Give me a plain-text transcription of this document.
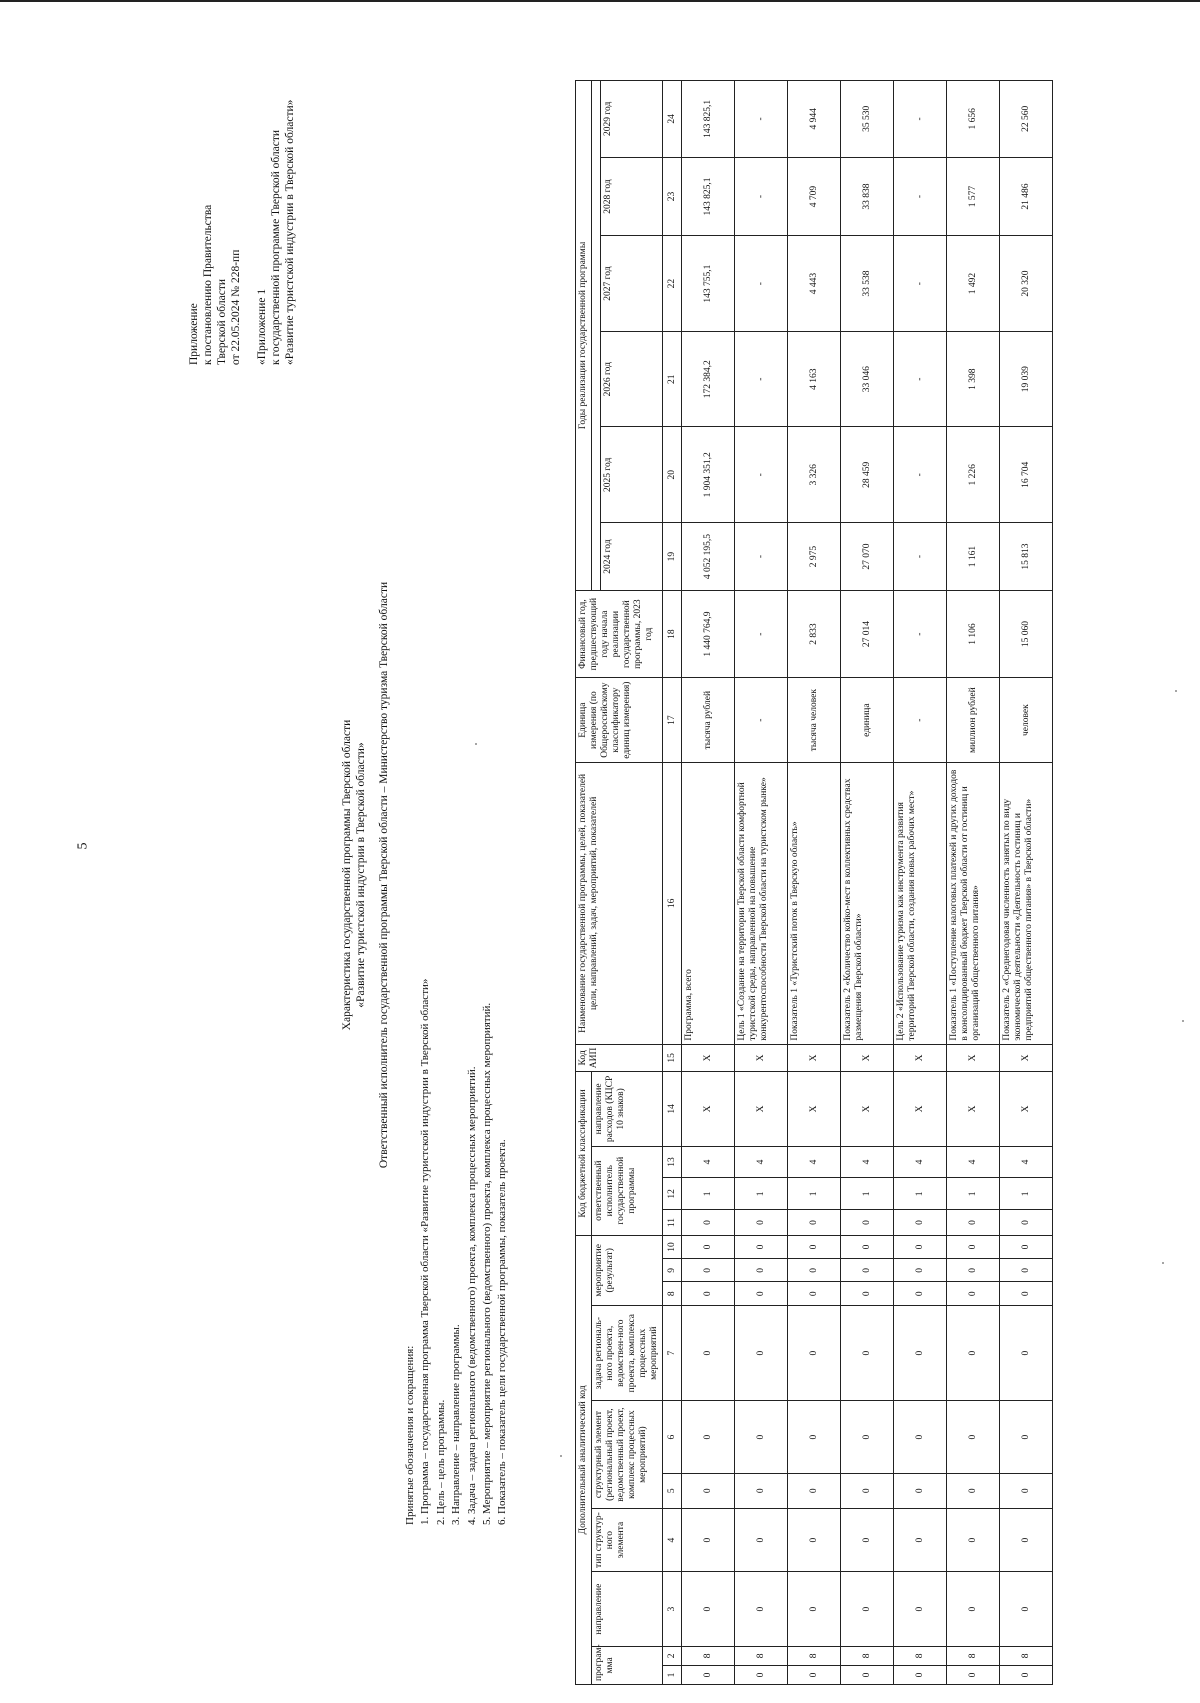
5
Приложение к постановлению Правительства Тверской области от 22.05.2024 № 228-пп «Приложение 1 к государственной программе Тверской области «Развитие туристской индустрии в Тверской области»
Характеристика государственной программы Тверской области «Развитие туристской индустрии в Тверской области» Ответственный исполнитель государственной программы Тверской области – Министерство туризма Тверской области
Принятые обозначения и сокращения: 1. Программа – государственная программа Тверской области «Развитие туристской индустрии в Тверской области» 2. Цель – цель программы. 3. Направление – направление программы. 4. Задача – задача регионального (ведомственного) проекта, комплекса процессных мероприятий. 5. Мероприятие – мероприятие регионального (ведомственного) проекта, комплекса процессных мероприятий. 6. Показатель – показатель цели государственной программы, показатель проекта.	Дополнительный аналитический код										Код бюджетной классификации				Код АИП	Наименование государственной программы, целей, показателей цели, направлений, задач, мероприятий, показателей	Единица измерения (по Общероссийскому классификатору единиц измерения)	Финансовый год, предшествующий году начала реализации государственной программы, 2023 год	Годы реализации государственной программы					
програм-мма		направление	тип структур-ного элемента	структурный элемент (региональный проект, ведомственный проект, комплекс процессных мероприятий)		задача региональ-ного проекта, ведомствен-ного проекта, комплекса процессных мероприятий	мероприятие (результат)			ответственный исполнитель государственной программы			направление расходов (КЦСР 10 знаков)										
																		2024 год	2025 год	2026 год	2027 год	2028 год	2029 год
1	2	3	4	5	6	7	8	9	10	11	12	13	14	15	16	17	18	19	20	21	22	23	24
0	8	0	0	0	0	0	0	0	0	0	1	4	Х	Х	Программа, всего	тысяча рублей	1 440 764,9	4 052 195,5	1 904 351,2	172 384,2	143 755,1	143 825,1	143 825,1
0	8	0	0	0	0	0	0	0	0	0	1	4	Х	Х	Цель 1 «Создание на территории Тверской области комфортной туристской среды, направленной на повышение конкурентоспособности Тверской области на туристском рынке»	-	-	-	-	-	-	-	-
0	8	0	0	0	0	0	0	0	0	0	1	4	Х	Х	Показатель 1 «Туристский поток в Тверскую область»	тысяча человек	2 833	2 975	3 326	4 163	4 443	4 709	4 944
0	8	0	0	0	0	0	0	0	0	0	1	4	Х	Х	Показатель 2 «Количество койко-мест в коллективных средствах размещения Тверской области»	единица	27 014	27 070	28 459	33 046	33 538	33 838	35 530
0	8	0	0	0	0	0	0	0	0	0	1	4	Х	Х	Цель 2 «Использование туризма как инструмента развития территорий Тверской области, создания новых рабочих мест»	-	-	-	-	-	-	-	-
0	8	0	0	0	0	0	0	0	0	0	1	4	Х	Х	Показатель 1 «Поступление налоговых платежей и других доходов в консолидированный бюджет Тверской области от гостиниц и организаций общественного питания»	миллион рублей	1 106	1 161	1 226	1 398	1 492	1 577	1 656
0	8	0	0	0	0	0	0	0	0	0	1	4	Х	Х	Показатель 2 «Среднегодовая численность занятых по виду экономической деятельности «Деятельность гостиниц и предприятий общественного питания» в Тверской области»	человек	15 060	15 813	16 704	19 039	20 320	21 486	22 560
